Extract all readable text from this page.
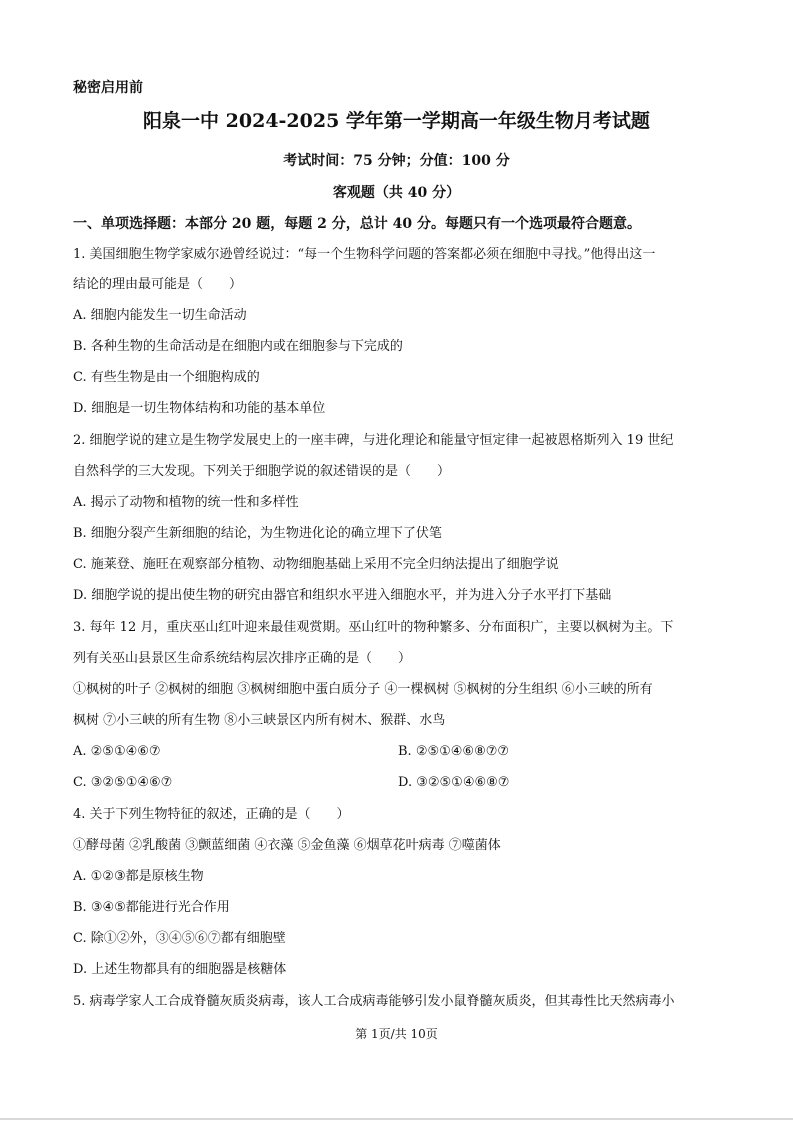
秘密启用前
阳泉一中 2024-2025 学年第一学期高一年级生物月考试题
考试时间：75 分钟；分值：100 分
客观题（共 40 分）
一、单项选择题：本部分 20 题，每题 2 分，总计 40 分。每题只有一个选项最符合题意。
1. 美国细胞生物学家威尔逊曾经说过：“每一个生物科学问题的答案都必须在细胞中寻找。”他得出这一
结论的理由最可能是（　　）
A. 细胞内能发生一切生命活动
B. 各种生物的生命活动是在细胞内或在细胞参与下完成的
C. 有些生物是由一个细胞构成的
D. 细胞是一切生物体结构和功能的基本单位
2. 细胞学说的建立是生物学发展史上的一座丰碑，与进化理论和能量守恒定律一起被恩格斯列入 19 世纪
自然科学的三大发现。下列关于细胞学说的叙述错误的是（　　）
A. 揭示了动物和植物的统一性和多样性
B. 细胞分裂产生新细胞的结论，为生物进化论的确立埋下了伏笔
C. 施莱登、施旺在观察部分植物、动物细胞基础上采用不完全归纳法提出了细胞学说
D. 细胞学说的提出使生物的研究由器官和组织水平进入细胞水平，并为进入分子水平打下基础
3. 每年 12 月，重庆巫山红叶迎来最佳观赏期。巫山红叶的物种繁多、分布面积广，主要以枫树为主。下
列有关巫山县景区生命系统结构层次排序正确的是（　　）
①枫树的叶子 ②枫树的细胞 ③枫树细胞中蛋白质分子 ④一棵枫树 ⑤枫树的分生组织 ⑥小三峡的所有
枫树 ⑦小三峡的所有生物 ⑧小三峡景区内所有树木、猴群、水鸟
A. ②⑤①④⑥⑦	B. ②⑤①④⑥⑧⑦⑦
C. ③②⑤①④⑥⑦	D. ③②⑤①④⑥⑧⑦
4. 关于下列生物特征的叙述，正确的是（　　）
①酵母菌 ②乳酸菌 ③颤蓝细菌 ④衣藻 ⑤金鱼藻 ⑥烟草花叶病毒 ⑦噬菌体
A. ①②③都是原核生物
B. ③④⑤都能进行光合作用
C. 除①②外，③④⑤⑥⑦都有细胞壁
D. 上述生物都具有的细胞器是核糖体
5. 病毒学家人工合成脊髓灰质炎病毒，该人工合成病毒能够引发小鼠脊髓灰质炎，但其毒性比天然病毒小
第 1页/共 10页
